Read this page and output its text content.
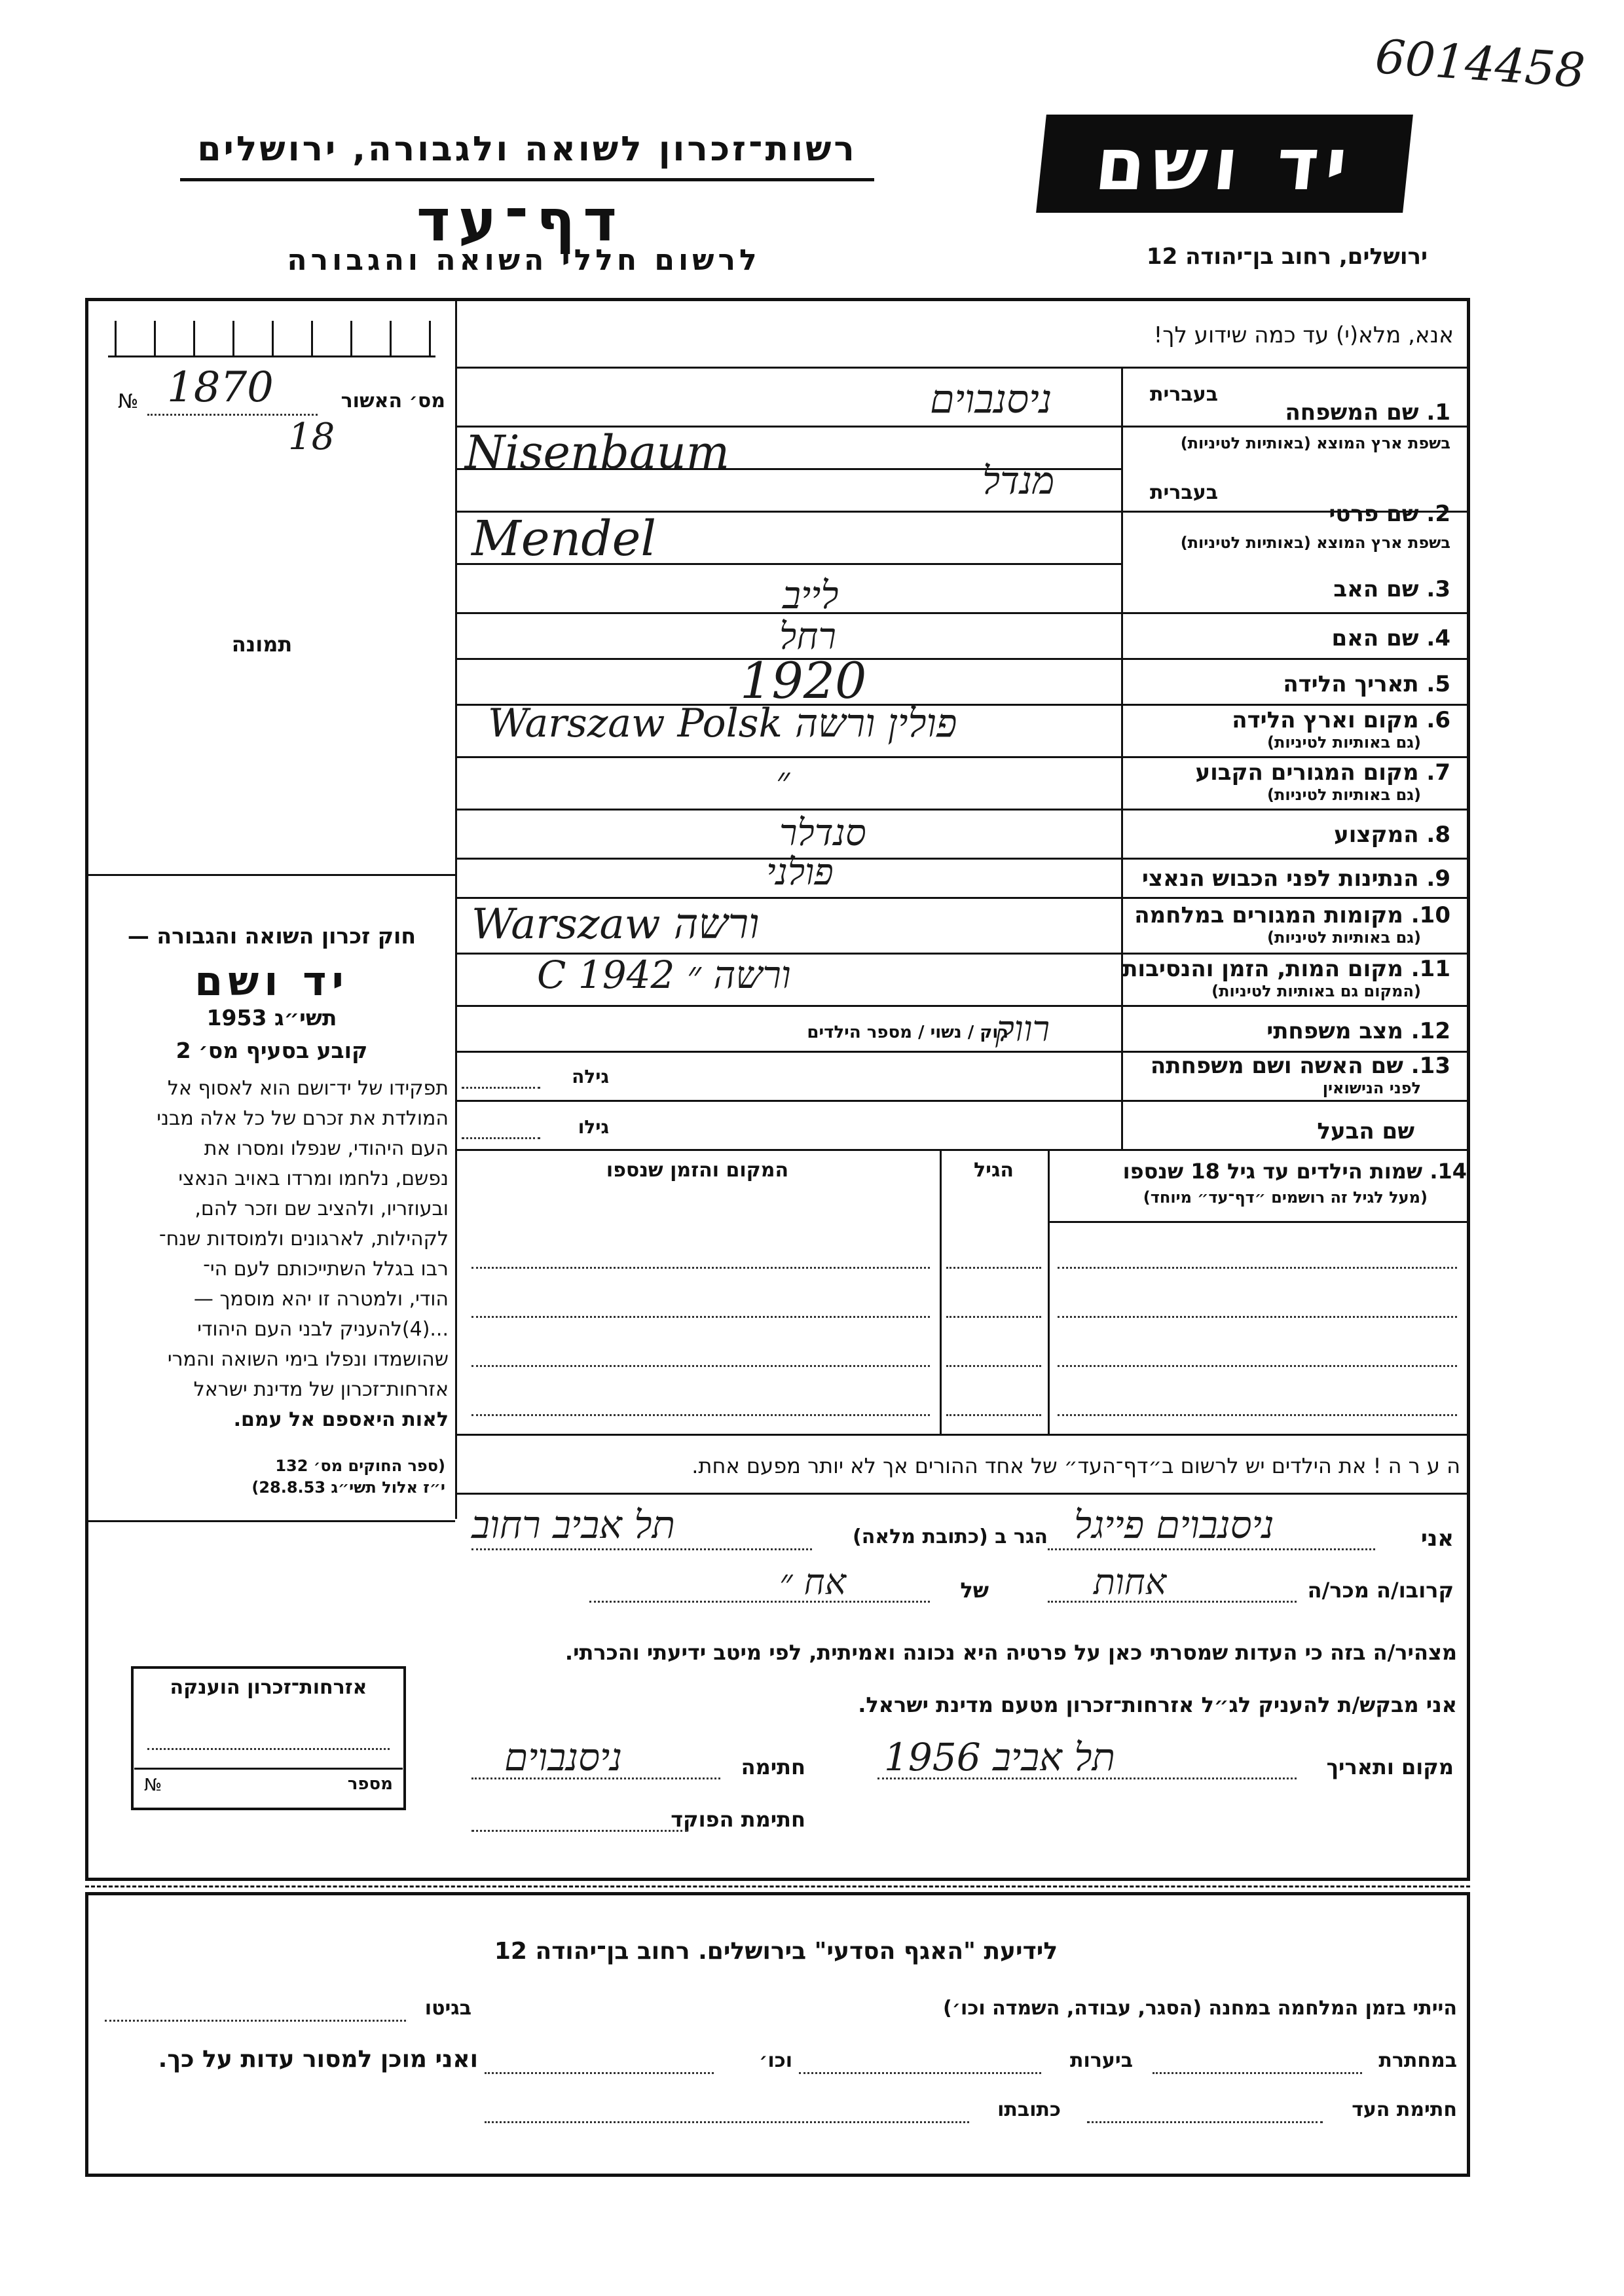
6014458
יד ושם
רשות־זכרון לשואה ולגבורה, ירושלים
דף־עד
לרשום חללי השואה והגבורה	ירושלים, רחוב בן־יהודה 12
אנא, מלא(י) עד כמה שידוע לך!
מס׳ האשור
№ 1870
18
תמונה
חוק זכרון השואה והגבורה —
יד ושם
תשי״ג 1953
קובע בסעיף מס׳ 2
תפקידו של יד־ושם הוא לאסוף אל
המולדת את זכרם של כל אלה מבני
העם היהודי, שנפלו ומסרו את
נפשם, נלחמו ומרדו באויב הנאצי
ובעוזריו, ולהציב שם וזכר להם,
לקהילות, לארגונים ולמוסדות שנח־
רבו בגלל השתייכותם לעם הי־
הודי, ולמטרה זו יהא מוסמך —
...(4)להעניק לבני העם היהודי
שהושמדו ונפלו בימי השואה והמרי
אזרחות־זכרון של מדינת ישראל
לאות היאספם אל עמם.
(ספר החוקים מס׳ 132
י״ז אלול תשי״ג 28.8.53)
אזרחות־זכרון הוענקה
מספר
№
בעברית
1. שם המשפחה
בשפת ארץ המוצא (באותיות לטיניות)
בעברית
2. שם פרטי
בשפת ארץ המוצא (באותיות לטיניות)
3. שם האב
4. שם האם
5. תאריך הלידה
6. מקום וארץ הלידה
(גם באותיות לטיניות)
7. מקום המגורים הקבוע
(גם באותיות לטיניות)
8. המקצוע
9. הנתינות לפני הכבוש הנאצי
10. מקומות המגורים במלחמה
(גם באותיות לטיניות)
11. מקום המות, הזמן והנסיבות
(המקום גם באותיות לטיניות)
12. מצב משפחתי
13. שם האשה ושם משפחתה
לפני הנישואין
שם הבעל
רוק / נשוי / מספר הילדים
גילה
גילו
ניסנבוים
Nisenbaum
מנדל
Mendel
לייב
רחל
1920
Warszaw Polsk פולין ורשה
״
סנדלר
פולני
Warszaw ורשה
C 1942 ורשה ״
רווק
14. שמות הילדים עד גיל 18 שנספו
(מעל לגיל זה רושמים ״דף־עד״ מיוחד)
הגיל
המקום והזמן שנספו
ה ע ר ה ! את הילדים יש לרשום ב״דף־העד״ של אחד ההורים אך לא יותר מפעם אחת.
אני
הגר ב (כתובת מלאה) ניסנבוים פייגל
תל אביב רחוב
קרובו/ה מכר/ה
של	אחות
אח ״
מצהיר/ה בזה כי העדות שמסרתי כאן על פרטיה היא נכונה ואמיתית, לפי מיטב ידיעתי והכרתי.
אני מבקש/ת להעניק לג״ל אזרחות־זכרון מטעם מדינת ישראל.
מקום ותאריך
תל אביב 1956
חתימה
ניסנבוים
חתימת הפוקד
לידיעת "האגף הסדעי" בירושלים. רחוב בן־יהודה 12
הייתי בזמן המלחמה במחנה (הסגר, עבודה, השמדה וכו׳)
בגיטו
במחתרת
ביערות
וכו׳
ואני מוכן למסור עדות על כך.
חתימת העד
כתובתו
